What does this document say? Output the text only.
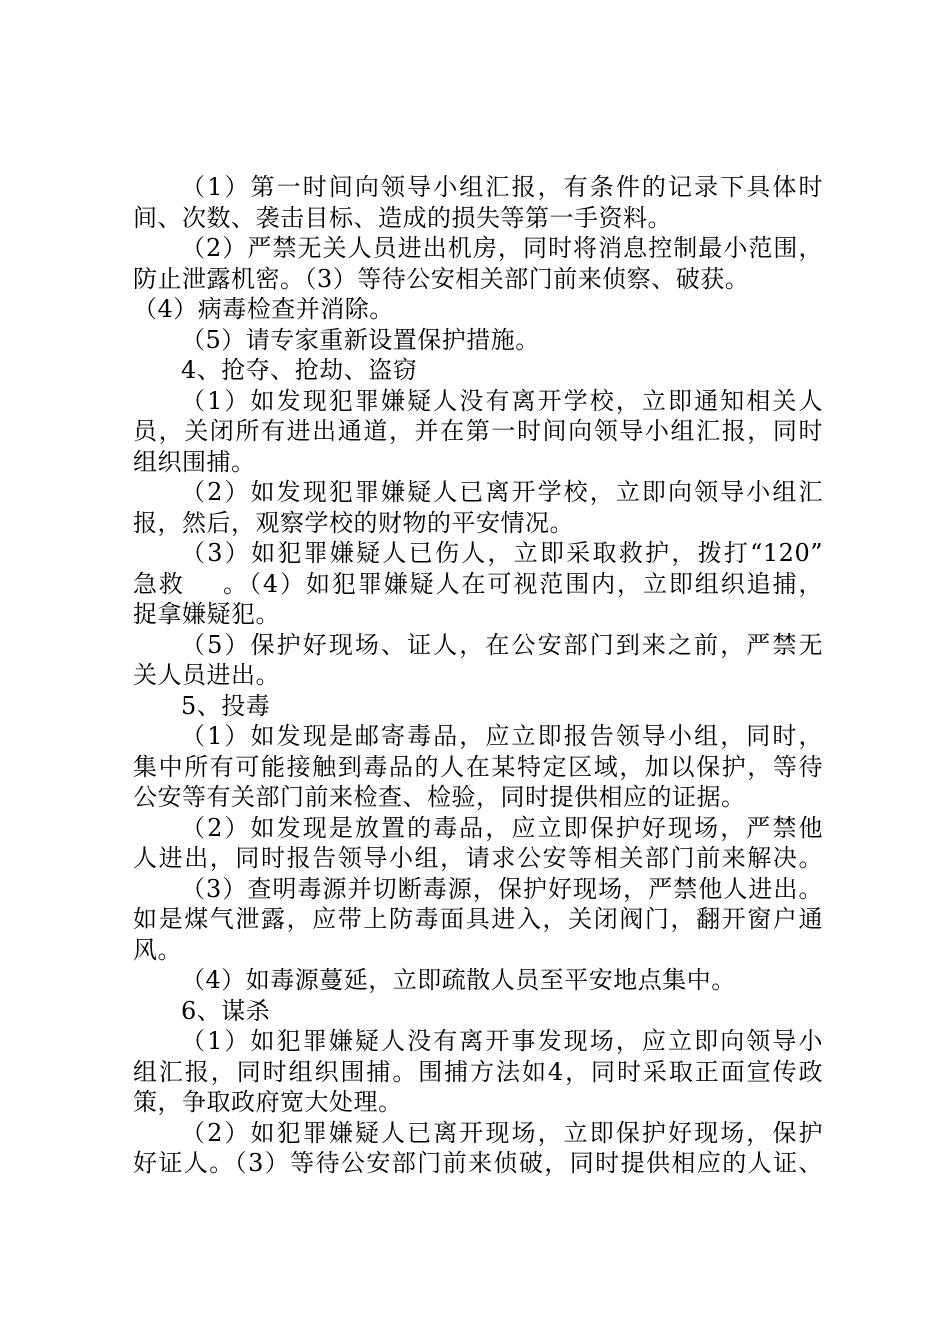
（1）第一时间向领导小组汇报，有条件的记录下具体时
间、次数、袭击目标、造成的损失等第一手资料。
（2）严禁无关人员进出机房，同时将消息控制最小范围，
防止泄露机密。（3）等待公安相关部门前来侦察、破获。
（4）病毒检查并消除。
（5）请专家重新设置保护措施。
4、抢夺、抢劫、盗窃
（1）如发现犯罪嫌疑人没有离开学校，立即通知相关人
员，关闭所有进出通道，并在第一时间向领导小组汇报，同时
组织围捕。
（2）如发现犯罪嫌疑人已离开学校，立即向领导小组汇
报，然后，观察学校的财物的平安情况。
（3）如犯罪嫌疑人已伤人，立即采取救护，拨打“120”
急救    。（4）如犯罪嫌疑人在可视范围内，立即组织追捕，
捉拿嫌疑犯。
（5）保护好现场、证人，在公安部门到来之前，严禁无
关人员进出。
5、投毒
（1）如发现是邮寄毒品，应立即报告领导小组，同时，
集中所有可能接触到毒品的人在某特定区域，加以保护，等待
公安等有关部门前来检查、检验，同时提供相应的证据。
（2）如发现是放置的毒品，应立即保护好现场，严禁他
人进出，同时报告领导小组，请求公安等相关部门前来解决。
（3）查明毒源并切断毒源，保护好现场，严禁他人进出。
如是煤气泄露，应带上防毒面具进入，关闭阀门，翻开窗户通
风。
（4）如毒源蔓延，立即疏散人员至平安地点集中。
6、谋杀
（1）如犯罪嫌疑人没有离开事发现场，应立即向领导小
组汇报，同时组织围捕。围捕方法如4，同时采取正面宣传政
策，争取政府宽大处理。
（2）如犯罪嫌疑人已离开现场，立即保护好现场，保护
好证人。（3）等待公安部门前来侦破，同时提供相应的人证、
